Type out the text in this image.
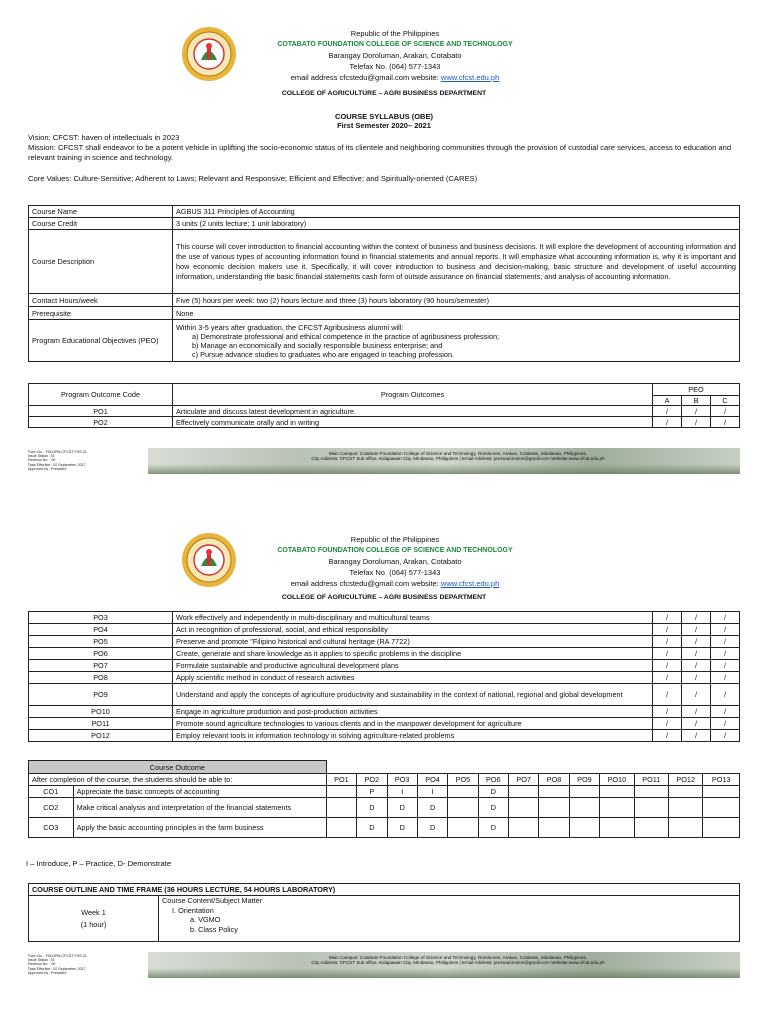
Republic of the Philippines
COTABATO FOUNDATION COLLEGE OF SCIENCE AND TECHNOLOGY
Barangay Doroluman, Arakan, Cotabato
Telefax No. (064) 577-1343
email address cfcstedu@gmail.com website: www.cfcst.edu.ph
COLLEGE OF AGRICULTURE – AGRI BUSINESS DEPARTMENT
COURSE SYLLABUS (OBE)
First Semester 2020– 2021
Vision: CFCST: haven of intellectuals in 2023
Mission: CFCST shall endeavor to be a potent vehicle in uplifting the socio-economic status of its clientele and neighboring communities through the provision of custodial care services, access to education and relevant training in science and technology.
Core Values: Culture-Sensitive; Adherent to Laws; Relevant and Responsive; Efficient and Effective; and Spiritually-oriented (CARES)
Course Name	AGBUS 311 Principles of Accounting
Course Credit	3 units (2 units lecture; 1 unit laboratory)
Course Description	This course will cover introduction to financial accounting within the context of business and business decisions. It will explore the development of accounting information and the use of various types of accounting information found in financial statements and annual reports. It will emphasize what accounting information is, why it is important and how economic decision makers use it. Specifically, it will cover introduction to business and decision-making, basic structure and development of useful accounting information, understanding the basic financial statements cash form of outside assurance on financial statements; and analysis of accounting information.
Contact Hours/week	Five (5) hours per week: two (2) hours lecture and three (3) hours laboratory (90 hours/semester)
Prerequisite	None
Program Educational Objectives (PEO)	Within 3-5 years after graduation, the CFCST Agribusiness alumni will:
a) Demonstrate professional and ethical competence in the practice of agribusiness profession;
b) Manage an economically and socially responsible business enterprise; and
c) Pursue advance studies to graduates who are engaged in teaching profession.
Program Outcome Code	Program Outcomes	PEO		
		A	B	C
PO1	Articulate and discuss latest development in agriculture	/	/	/
PO2	Effectively communicate orally and in writing	/	/	/
Form No. : FM-DPM-CFCST FSS-01
Issue Status : 01
Revision No. : 00
Date Effective : 20 September, 2017
Approved by : President
Main Campus: Cotabato Foundation College of Science and Technology, Doroluman, Arakan, Cotabato, Mindanao, Philippines.
City Address: CFCST Sub office, Kidapawan City, Mindanao, Philippines | Email Address: presoammelon@gmail.com Website:www.cfcst.edu.ph
Republic of the Philippines
COTABATO FOUNDATION COLLEGE OF SCIENCE AND TECHNOLOGY
Barangay Doroluman, Arakan, Cotabato
Telefax No. (064) 577-1343
email address cfcstedu@gmail.com website: www.cfcst.edu.ph
COLLEGE OF AGRICULTURE – AGRI BUSINESS DEPARTMENT
PO3	Work effectively and independently in multi-disciplinary and multicultural teams	/	/	/
PO4	Act in recognition of professional, social, and ethical responsibility	/	/	/
PO5	Preserve and promote "Filipino historical and cultural heritage (RA 7722)	/	/	/
PO6	Create, generate and share knowledge as it applies to specific problems in the discipline	/	/	/
PO7	Formulate sustainable and productive agricultural development plans	/	/	/
PO8	Apply scientific method in conduct of research activities	/	/	/
PO9	Understand and apply the concepts of agriculture productivity and sustainability in the context of national, regional and global development	/	/	/
PO10	Engage in agriculture production and post-production activities	/	/	/
PO11	Promote sound agriculture technologies to various clients and in the manpower development for agriculture	/	/	/
PO12	Employ relevant tools in information technology in solving agriculture-related problems	/	/	/
Course Outcome														
After completion of the course, the students should be able to:		PO1	PO2	PO3	PO4	PO5	PO6	PO7	PO8	PO9	PO10	PO11	PO12	PO13
CO1	Appreciate the basic concepts of accounting		P	I	I		D							
CO2	Make critical analysis and interpretation of the financial statements		D	D	D		D							
CO3	Apply the basic accounting principles in the farm business		D	D	D		D							
I – Introduce, P – Practice, D- Demonstrate
COURSE OUTLINE AND TIME FRAME (36 HOURS LECTURE, 54 HOURS LABORATORY)

Week 1
(1 hour)

Course Content/Subject Matter
I. Orientation
a. VGMO
b. Class Policy
Form No. : FM-DPM-CFCST FSS-01
Issue Status : 01
Revision No. : 00
Date Effective : 20 September, 2017
Approved by : President
Main Campus: Cotabato Foundation College of Science and Technology, Doroluman, Arakan, Cotabato, Mindanao, Philippines.
City Address: CFCST Sub office, Kidapawan City, Mindanao, Philippines | Email Address: presoammelon@gmail.com Website:www.cfcst.edu.ph
